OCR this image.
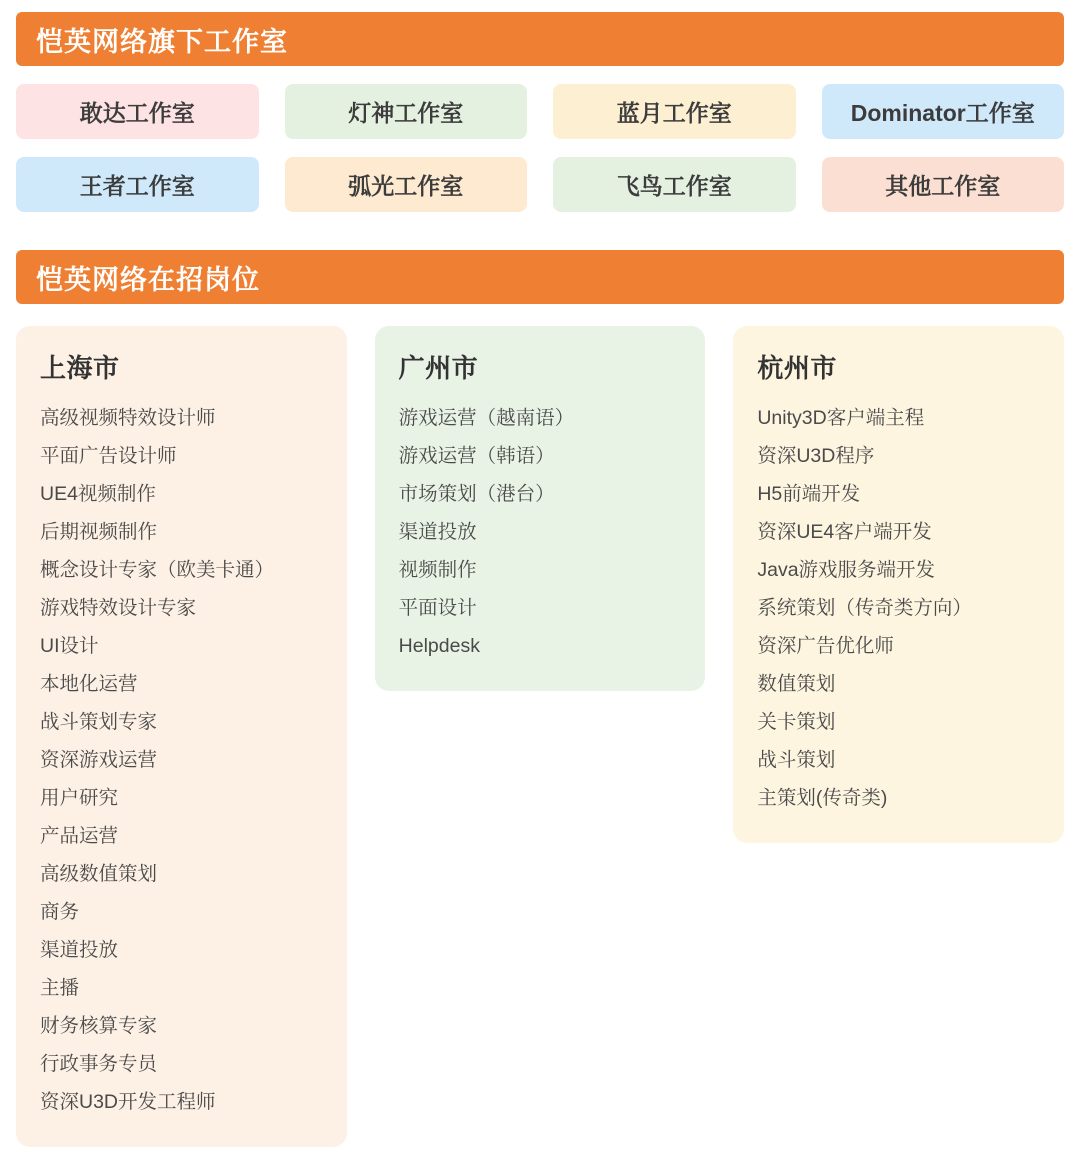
恺英网络旗下工作室
敢达工作室	灯神工作室	蓝月工作室	Dominator工作室
王者工作室	弧光工作室	飞鸟工作室	其他工作室
恺英网络在招岗位
上海市
高级视频特效设计师
平面广告设计师
UE4视频制作
后期视频制作
概念设计专家（欧美卡通）
游戏特效设计专家
UI设计
本地化运营
战斗策划专家
资深游戏运营
用户研究
产品运营
高级数值策划
商务
渠道投放
主播
财务核算专家
行政事务专员
资深U3D开发工程师
广州市
游戏运营（越南语）
游戏运营（韩语）
市场策划（港台）
渠道投放
视频制作
平面设计
Helpdesk
杭州市
Unity3D客户端主程
资深U3D程序
H5前端开发
资深UE4客户端开发
Java游戏服务端开发
系统策划（传奇类方向）
资深广告优化师
数值策划
关卡策划
战斗策划
主策划(传奇类)
